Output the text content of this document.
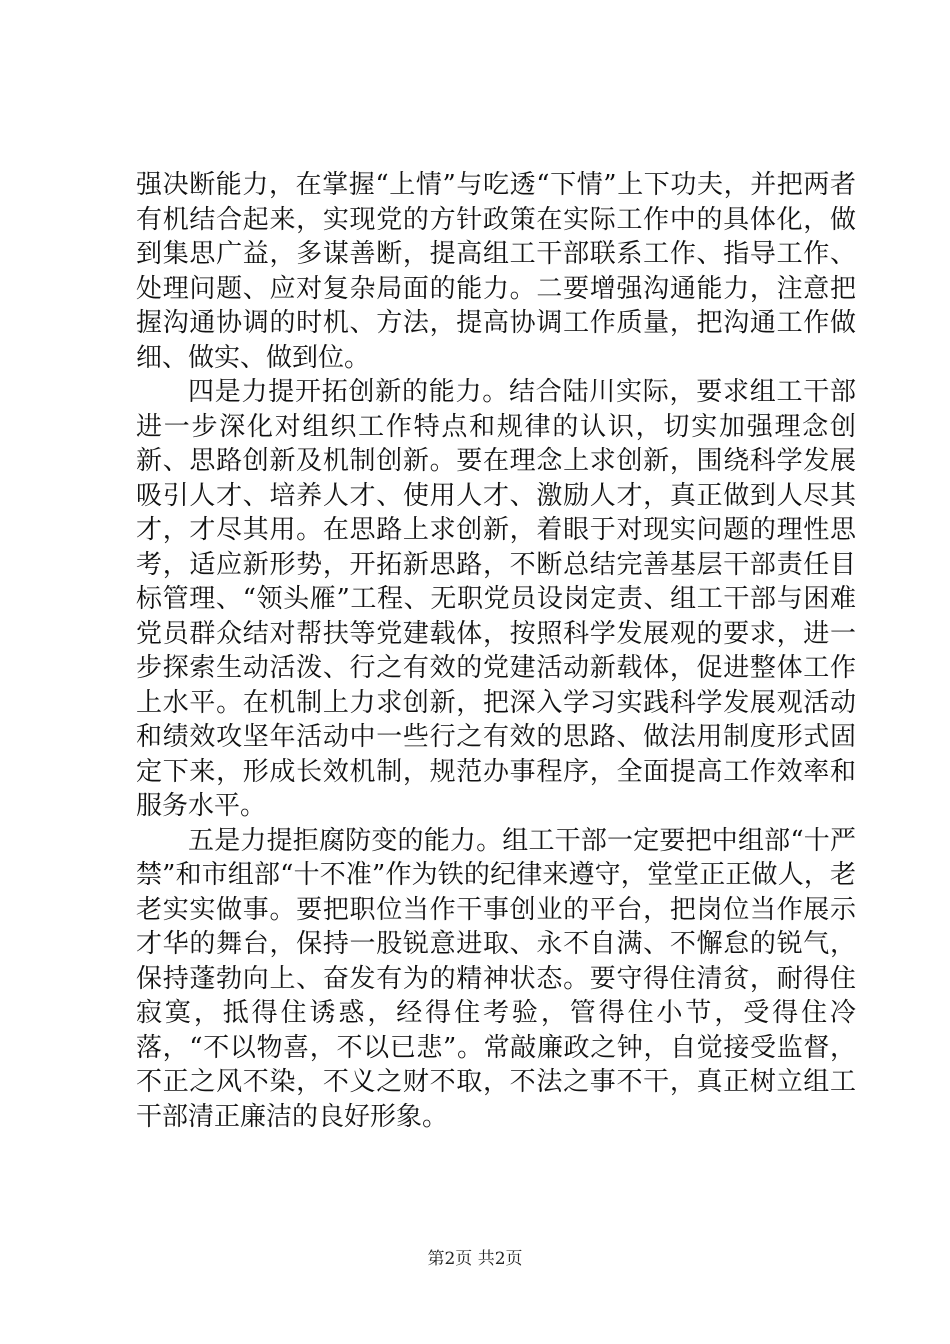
强决断能力，在掌握“上情”与吃透“下情”上下功夫，并把两者有机结合起来，实现党的方针政策在实际工作中的具体化，做到集思广益，多谋善断，提高组工干部联系工作、指导工作、处理问题、应对复杂局面的能力。二要增强沟通能力，注意把握沟通协调的时机、方法，提高协调工作质量，把沟通工作做细、做实、做到位。

四是力提开拓创新的能力。结合陆川实际，要求组工干部进一步深化对组织工作特点和规律的认识，切实加强理念创新、思路创新及机制创新。要在理念上求创新，围绕科学发展吸引人才、培养人才、使用人才、激励人才，真正做到人尽其才，才尽其用。在思路上求创新，着眼于对现实问题的理性思考，适应新形势，开拓新思路，不断总结完善基层干部责任目标管理、“领头雁”工程、无职党员设岗定责、组工干部与困难党员群众结对帮扶等党建载体，按照科学发展观的要求，进一步探索生动活泼、行之有效的党建活动新载体，促进整体工作上水平。在机制上力求创新，把深入学习实践科学发展观活动和绩效攻坚年活动中一些行之有效的思路、做法用制度形式固定下来，形成长效机制，规范办事程序，全面提高工作效率和服务水平。

五是力提拒腐防变的能力。组工干部一定要把中组部“十严禁”和市组部“十不准”作为铁的纪律来遵守，堂堂正正做人，老老实实做事。要把职位当作干事创业的平台，把岗位当作展示才华的舞台，保持一股锐意进取、永不自满、不懈怠的锐气，保持蓬勃向上、奋发有为的精神状态。要守得住清贫，耐得住寂寞，抵得住诱惑，经得住考验，管得住小节，受得住冷落，“不以物喜，不以已悲”。常敲廉政之钟，自觉接受监督，不正之风不染，不义之财不取，不法之事不干，真正树立组工干部清正廉洁的良好形象。

第2页 共2页
